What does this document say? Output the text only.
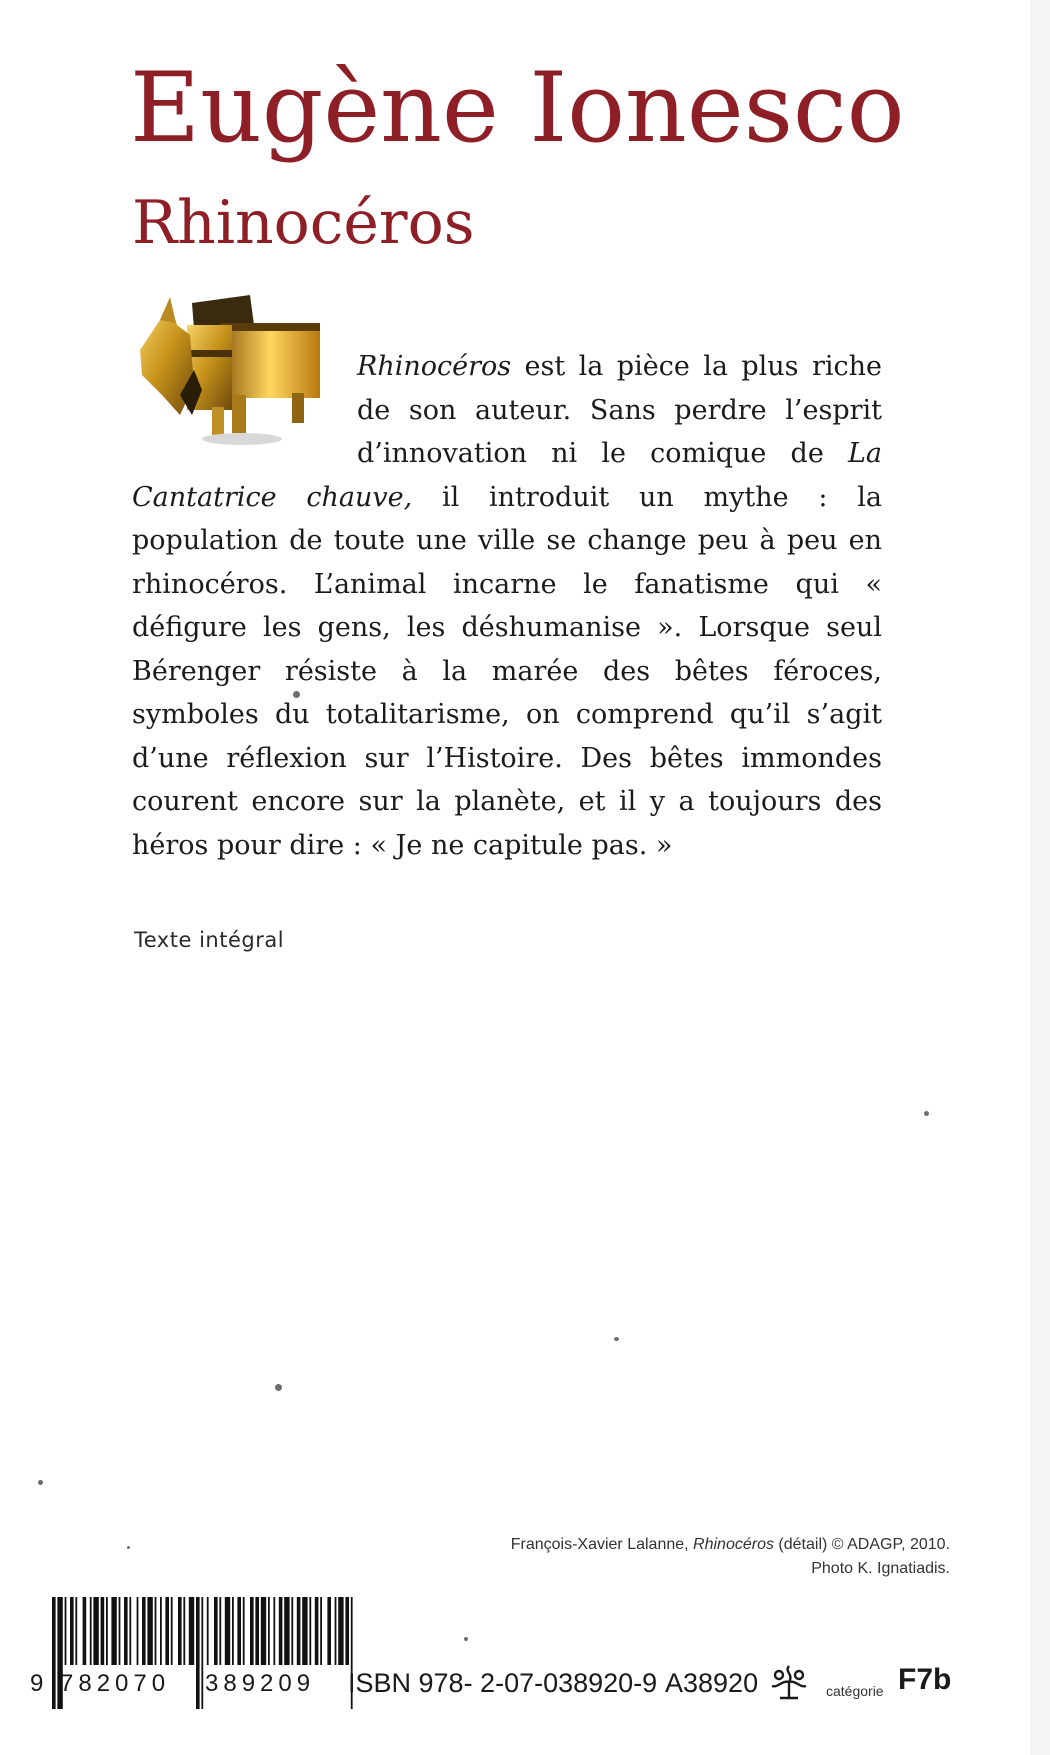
Eugène Ionesco
Rhinocéros

Rhinocéros est la pièce la plus riche de son auteur. Sans perdre l’esprit d’innovation ni le comique de La Cantatrice chauve, il introduit un mythe : la population de toute une ville se change peu à peu en rhinocéros. L’animal incarne le fanatisme qui « défigure les gens, les déshumanise ». Lorsque seul Bérenger résiste à la marée des bêtes féroces, symboles du totalitarisme, on comprend qu’il s’agit d’une réflexion sur l’Histoire. Des bêtes immondes courent encore sur la planète, et il y a toujours des héros pour dire : « Je ne capitule pas. »

Texte intégral
François-Xavier Lalanne, Rhinocéros (détail) © ADAGP, 2010.
Photo K. Ignatiadis.
9 782070 389209 ISBN 978- 2-07-038920-9 A38920	catégorie F7b
